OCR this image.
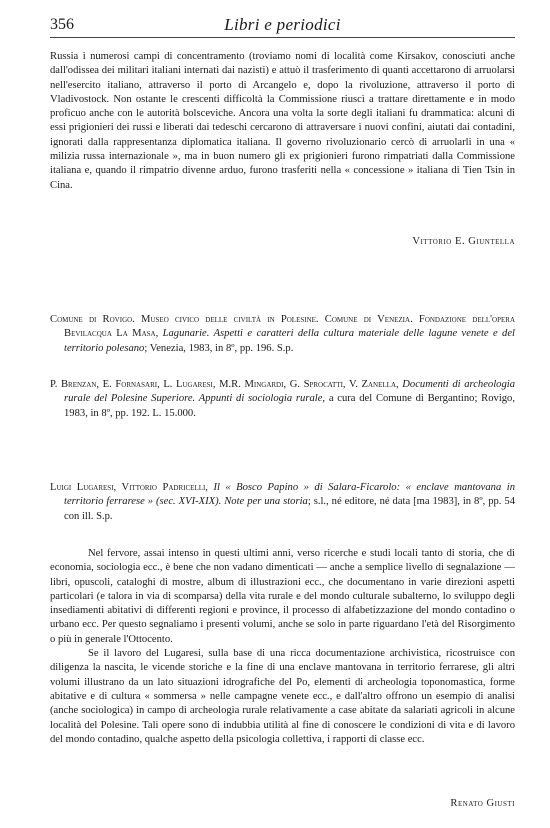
356	Libri e periodici

Russia i numerosi campi di concentramento (troviamo nomi di località come Kirsakov, conosciuti anche dall'odissea dei militari italiani internati dai nazisti) e attuò il trasferimento di quanti accettarono di arruolarsi nell'esercito italiano, attraverso il porto di Arcangelo e, dopo la rivoluzione, attraverso il porto di Vladivostock. Non ostante le crescenti difficoltà la Commissione riuscì a trattare direttamente e in modo proficuo anche con le autorità bolsceviche. Ancora una volta la sorte degli italiani fu drammatica: alcuni di essi prigionieri dei russi e liberati dai tedeschi cercarono di attraversare i nuovi confini, aiutati dai contadini, ignorati dalla rappresentanza diplomatica italiana. Il governo rivoluzionario cercò di arruolarli in una « milizia russa internazionale », ma in buon numero gli ex prigionieri furono rimpatriati dalla Commissione italiana e, quando il rimpatrio divenne arduo, furono trasferiti nella « concessione » italiana di Tien Tsin in Cina.

Vittorio E. Giuntella
Comune di Rovigo. Museo civico delle civiltà in Polesine. Comune di Venezia. Fondazione dell'opera Bevilacqua La Masa, Lagunarie. Aspetti e caratteri della cultura materiale delle lagune venete e del territorio polesano; Venezia, 1983, in 8º, pp. 196. S.p.
P. Brenzan, E. Fornasari, L. Lugaresi, M.R. Mingardi, G. Sprocatti, V. Zanella, Documenti di archeologia rurale del Polesine Superiore. Appunti di sociologia rurale, a cura del Comune di Bergantino; Rovigo, 1983, in 8º, pp. 192. L. 15.000.
Luigi Lugaresi, Vittorio Padricelli, Il « Bosco Papino » di Salara-Ficarolo: « enclave mantovana in territorio ferrarese » (sec. XVI-XIX). Note per una storia; s.l., né editore, né data [ma 1983], in 8º, pp. 54 con ill. S.p.

Nel fervore, assai intenso in questi ultimi anni, verso ricerche e studi locali tanto di storia, che di economia, sociologia ecc., è bene che non vadano dimenticati — anche a semplice livello di segnalazione — libri, opuscoli, cataloghi di mostre, album di illustrazioni ecc., che documentano in varie direzioni aspetti particolari (e talora in via di scomparsa) della vita rurale e del mondo culturale subalterno, lo sviluppo degli insediamenti abitativi di differenti regioni e province, il processo di alfabetizzazione del mondo contadino o urbano ecc. Per questo segnaliamo i presenti volumi, anche se solo in parte riguardano l'età del Risorgimento o più in generale l'Ottocento.

Se il lavoro del Lugaresi, sulla base di una ricca documentazione archivistica, ricostruisce con diligenza la nascita, le vicende storiche e la fine di una enclave mantovana in territorio ferrarese, gli altri volumi illustrano da un lato situazioni idrografiche del Po, elementi di archeologia toponomastica, forme abitative e di cultura « sommersa » nelle campagne venete ecc., e dall'altro offrono un esempio di analisi (anche sociologica) in campo di archeologia rurale relativamente a case abitate da salariati agricoli in alcune località del Polesine. Tali opere sono di indubbia utilità al fine di conoscere le condizioni di vita e di lavoro del mondo contadino, qualche aspetto della psicologia collettiva, i rapporti di classe ecc.

Renato Giusti
